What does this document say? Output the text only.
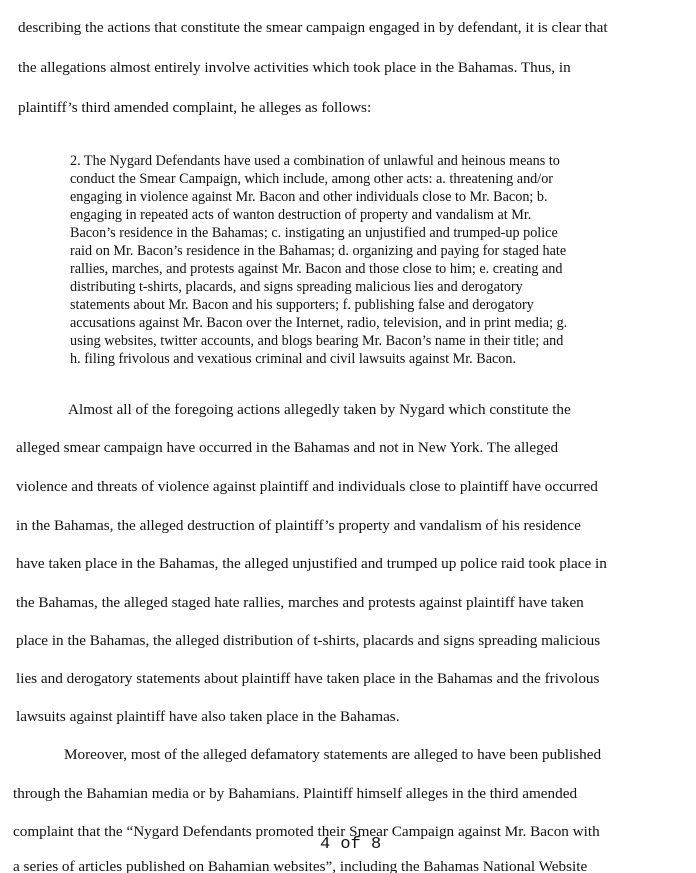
describing the actions that constitute the smear campaign engaged in by defendant, it is clear that
the allegations almost entirely involve activities which took place in the Bahamas. Thus, in
plaintiff’s third amended complaint, he alleges as follows:
2. The Nygard Defendants have used a combination of unlawful and heinous means to
conduct the Smear Campaign, which include, among other acts: a. threatening and/or
engaging in violence against Mr. Bacon and other individuals close to Mr. Bacon; b.
engaging in repeated acts of wanton destruction of property and vandalism at Mr.
Bacon’s residence in the Bahamas; c. instigating an unjustified and trumped-up police
raid on Mr. Bacon’s residence in the Bahamas; d. organizing and paying for staged hate
rallies, marches, and protests against Mr. Bacon and those close to him; e. creating and
distributing t-shirts, placards, and signs spreading malicious lies and derogatory
statements about Mr. Bacon and his supporters; f. publishing false and derogatory
accusations against Mr. Bacon over the Internet, radio, television, and in print media; g.
using websites, twitter accounts, and blogs bearing Mr. Bacon’s name in their title; and
h. filing frivolous and vexatious criminal and civil lawsuits against Mr. Bacon.
Almost all of the foregoing actions allegedly taken by Nygard which constitute the
alleged smear campaign have occurred in the Bahamas and not in New York. The alleged
violence and threats of violence against plaintiff and individuals close to plaintiff have occurred
in the Bahamas, the alleged destruction of plaintiff’s property and vandalism of his residence
have taken place in the Bahamas, the alleged unjustified and trumped up police raid took place in
the Bahamas, the alleged staged hate rallies, marches and protests against plaintiff have taken
place in the Bahamas, the alleged distribution of t-shirts, placards and signs spreading malicious
lies and derogatory statements about plaintiff have taken place in the Bahamas and the frivolous
lawsuits against plaintiff have also taken place in the Bahamas.
Moreover, most of the alleged defamatory statements are alleged to have been published
through the Bahamian media or by Bahamians. Plaintiff himself alleges in the third amended
complaint that the “Nygard Defendants promoted their Smear Campaign against Mr. Bacon with
a series of articles published on Bahamian websites”, including the Bahamas National Website
4 of 8
